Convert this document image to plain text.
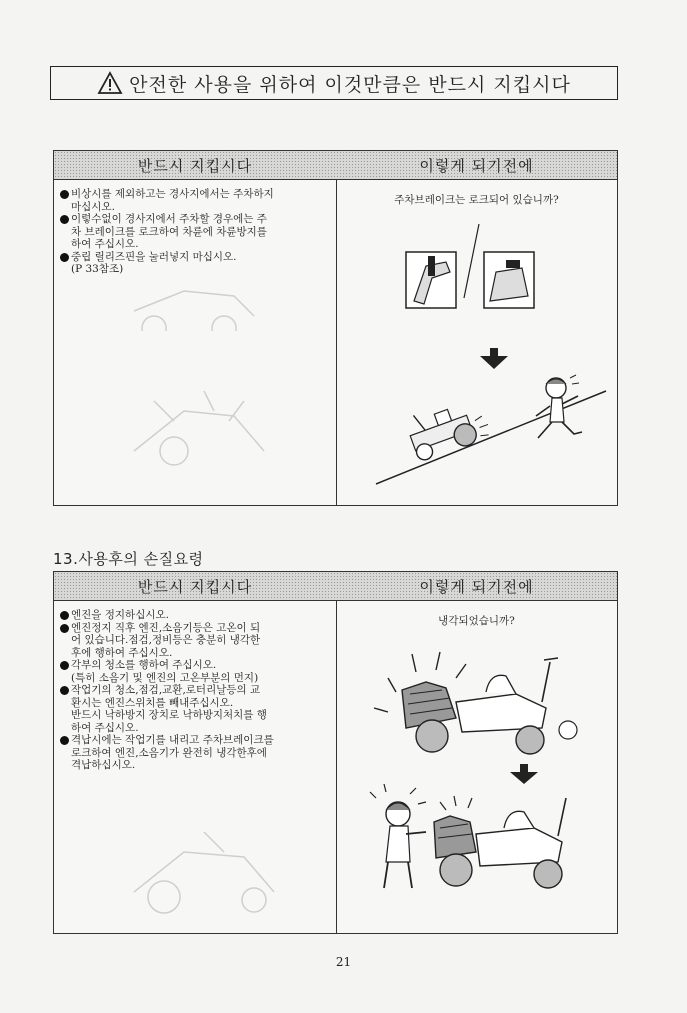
안전한 사용을 위하여 이것만큼은 반드시 지킵시다
반드시 지킵시다
비상시를 제외하고는 경사지에서는 주차하지
마십시오.
이렇수없이 경사지에서 주차할 경우에는 주
차 브레이크를 로크하여 차륜에 차륜방지를
하여 주십시오.
중립 릴리즈핀을 눌러넣지 마십시오.
(P 33참조)
이렇게 되기전에
주차브레이크는 로크되어 있습니까?
13.사용후의 손질요령
반드시 지킵시다
엔진을 정지하십시오.
엔진정지 직후 엔진,소음기등은 고온이 되
어 있습니다.점검,정비등은 충분히 냉각한
후에 행하여 주십시오.
각부의 청소를 행하여 주십시오.
(특히 소음기 및 엔진의 고온부분의 먼지)
작업기의 청소,점검,교환,로터리날등의 교
환시는 엔진스위치를 빼내주십시오.
반드시 낙하방지 장치로 낙하방지처치를 행
하여 주십시오.
격납시에는 작업기를 내리고 주차브레이크를
로크하여 엔진,소음기가 완전히 냉각한후에
격납하십시오.
이렇게 되기전에
냉각되었습니까?
21
